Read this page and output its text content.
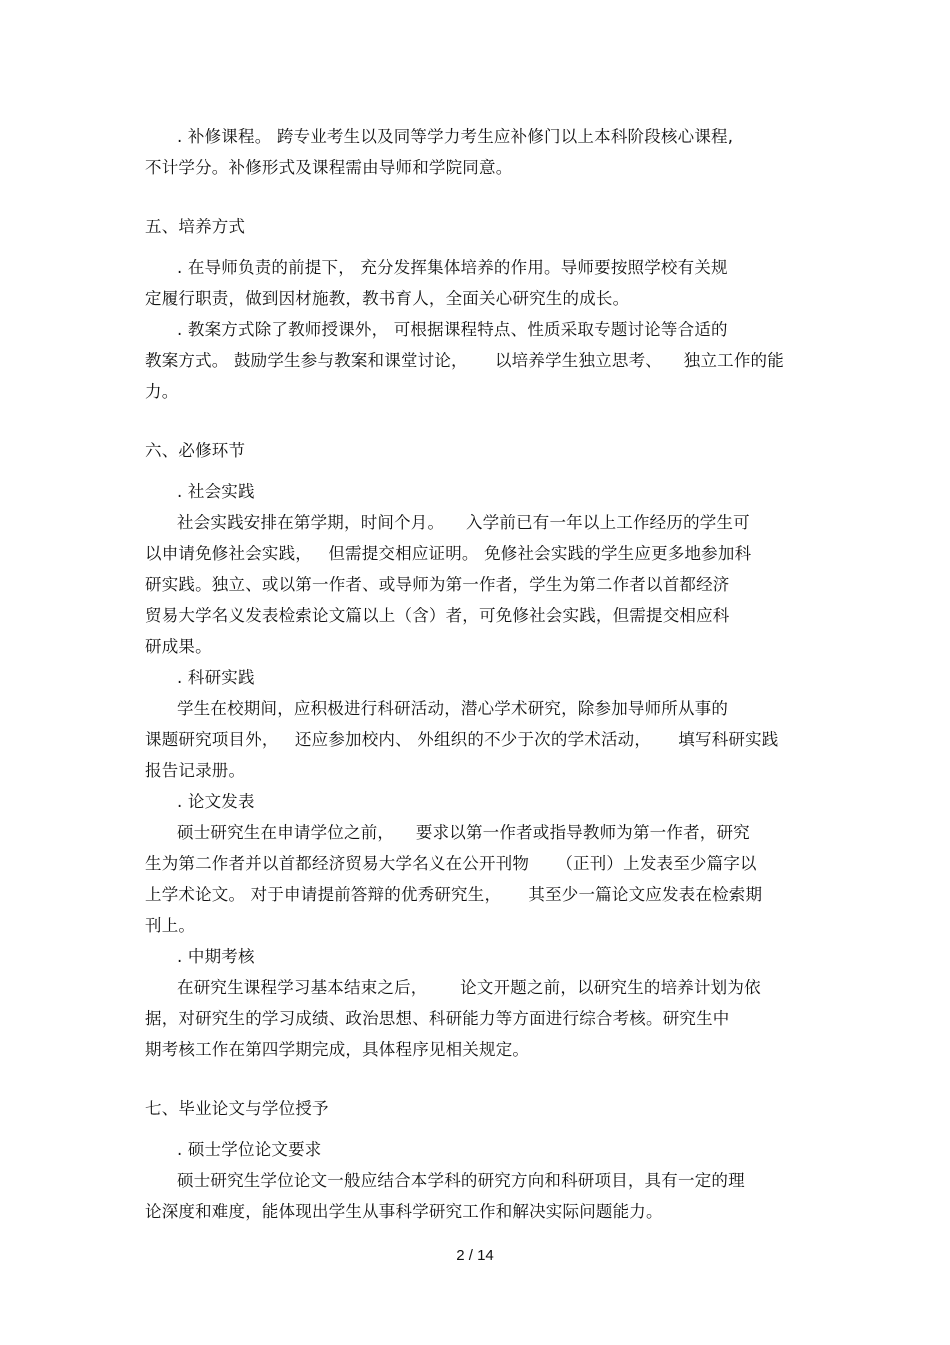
. 补修课程。 跨专业考生以及同等学力考生应补修门以上本科阶段核心课程,
不计学分。补修形式及课程需由导师和学院同意。
五、培养方式
. 在导师负责的前提下， 充分发挥集体培养的作用。导师要按照学校有关规
定履行职责，做到因材施教，教书育人，全面关心研究生的成长。
. 教案方式除了教师授课外， 可根据课程特点、性质采取专题讨论等合适的
教案方式。 鼓励学生参与教案和课堂讨论，     以培养学生独立思考、    独立工作的能
力。
六、必修环节
. 社会实践
社会实践安排在第学期，时间个月。    入学前已有一年以上工作经历的学生可
以申请免修社会实践，   但需提交相应证明。 免修社会实践的学生应更多地参加科
研实践。独立、或以第一作者、或导师为第一作者，学生为第二作者以首都经济
贸易大学名义发表检索论文篇以上（含）者，可免修社会实践，但需提交相应科
研成果。
. 科研实践
学生在校期间，应积极进行科研活动，潜心学术研究，除参加导师所从事的
课题研究项目外，   还应参加校内、 外组织的不少于次的学术活动，     填写科研实践
报告记录册。
. 论文发表
硕士研究生在申请学位之前，    要求以第一作者或指导教师为第一作者，研究
生为第二作者并以首都经济贸易大学名义在公开刊物     （正刊）上发表至少篇字以
上学术论文。 对于申请提前答辩的优秀研究生，     其至少一篇论文应发表在检索期
刊上。
. 中期考核
在研究生课程学习基本结束之后，      论文开题之前，以研究生的培养计划为依
据，对研究生的学习成绩、政治思想、科研能力等方面进行综合考核。研究生中
期考核工作在第四学期完成，具体程序见相关规定。
七、毕业论文与学位授予
. 硕士学位论文要求
硕士研究生学位论文一般应结合本学科的研究方向和科研项目，具有一定的理
论深度和难度，能体现出学生从事科学研究工作和解决实际问题能力。
2 / 14
